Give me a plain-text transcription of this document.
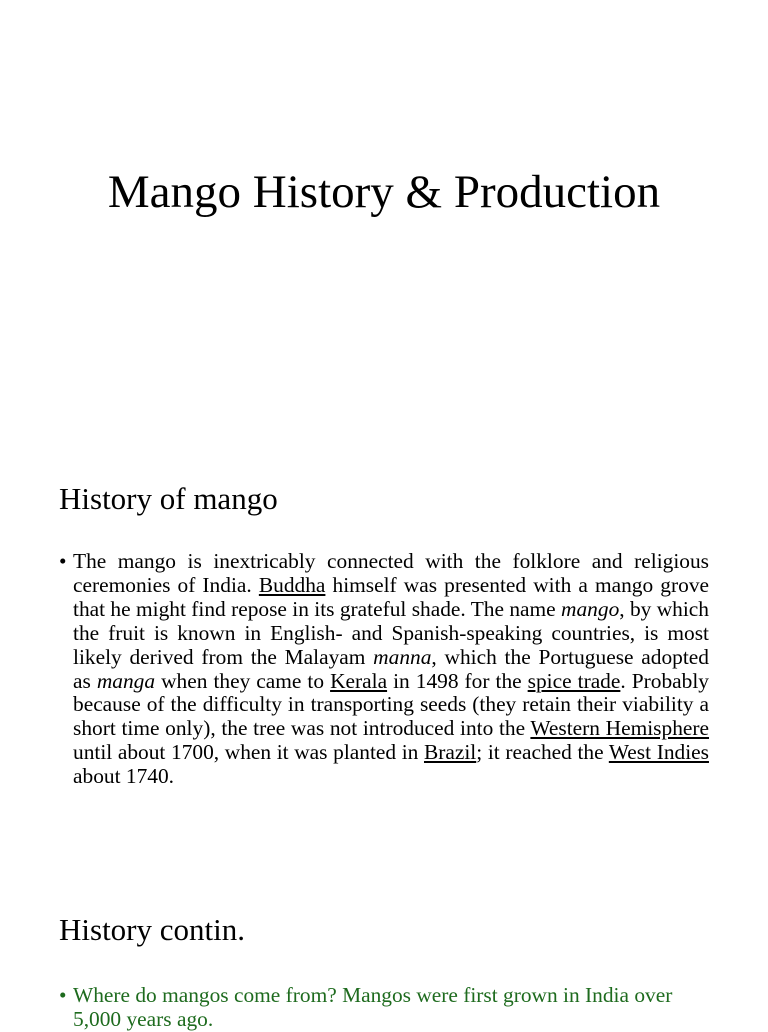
Mango History & Production
History of mango
• The mango is inextricably connected with the folklore and religious ceremonies of India. Buddha himself was presented with a mango grove that he might find repose in its grateful shade. The name mango, by which the fruit is known in English- and Spanish-speaking countries, is most likely derived from the Malayam manna, which the Portuguese adopted as manga when they came to Kerala in 1498 for the spice trade. Probably because of the difficulty in transporting seeds (they retain their viability a short time only), the tree was not introduced into the Western Hemisphere until about 1700, when it was planted in Brazil; it reached the West Indies about 1740.

History contin.
• Where do mangos come from? Mangos were first grown in India over 5,000 years ago.
